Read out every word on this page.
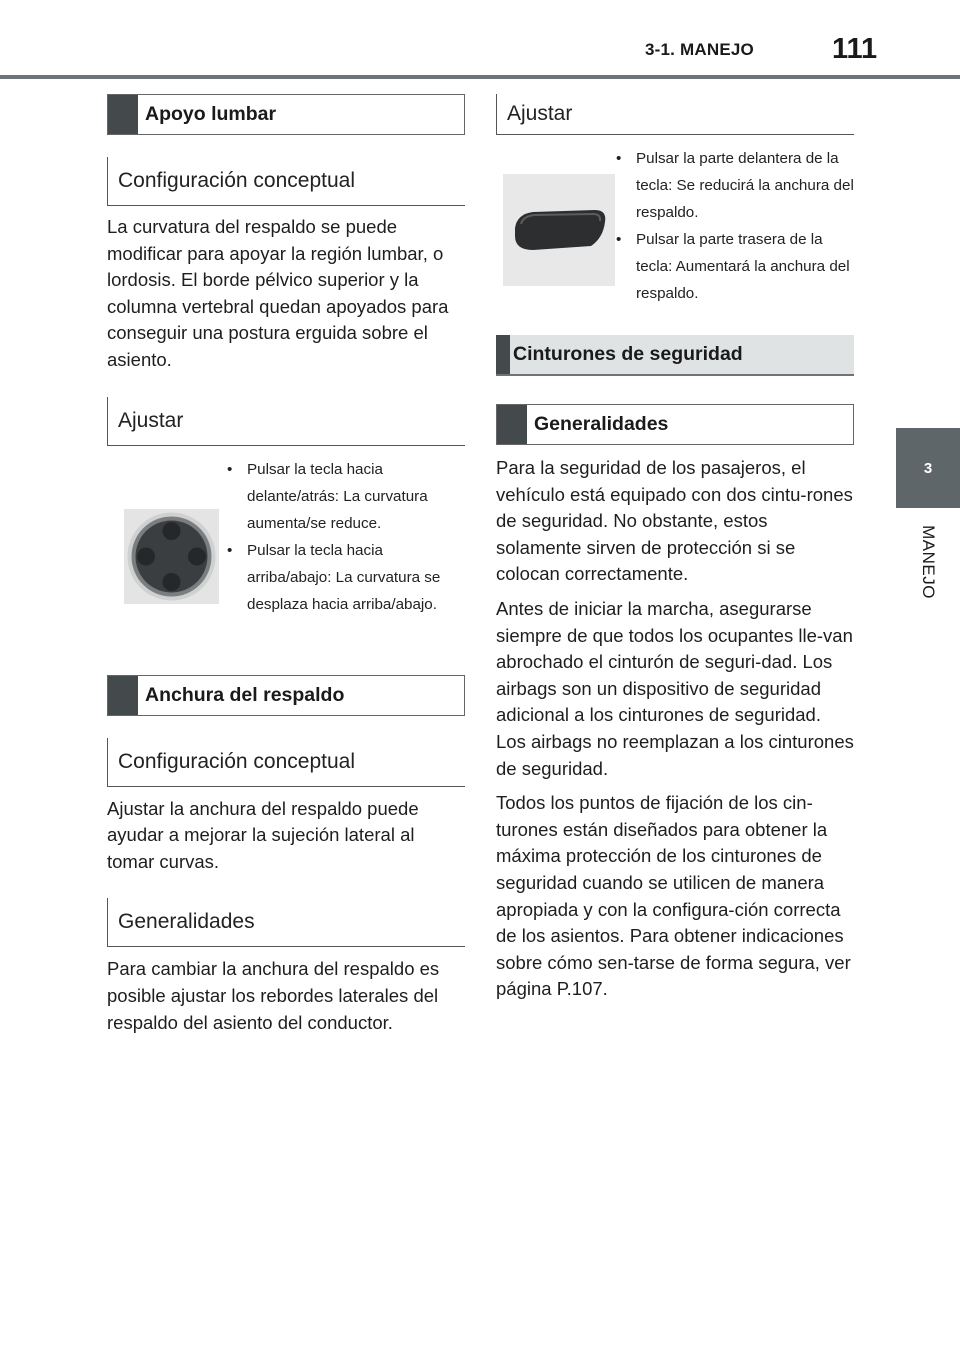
3-1. MANEJO	111
3
MANEJO
Apoyo lumbar
Configuración conceptual

La curvatura del respaldo se puede modificar para apoyar la región lumbar, o lordosis. El borde pélvico superior y la columna vertebral quedan apoyados para conseguir una postura erguida sobre el asiento.

Ajustar
• Pulsar la tecla hacia delante/atrás: La curvatura aumenta/se reduce.
• Pulsar la tecla hacia arriba/abajo: La curvatura se desplaza hacia arriba/abajo.
Anchura del respaldo
Configuración conceptual

Ajustar la anchura del respaldo puede ayudar a mejorar la sujeción lateral al tomar curvas.

Generalidades

Para cambiar la anchura del respaldo es posible ajustar los rebordes laterales del respaldo del asiento del conductor.

Ajustar
• Pulsar la parte delantera de la tecla: Se reducirá la anchura del respaldo.
• Pulsar la parte trasera de la tecla: Aumentará la anchura del respaldo.
Cinturones de seguridad
Generalidades

Para la seguridad de los pasajeros, el vehículo está equipado con dos cintu-rones de seguridad. No obstante, estos solamente sirven de protección si se colocan correctamente.

Antes de iniciar la marcha, asegurarse siempre de que todos los ocupantes lle-van abrochado el cinturón de seguri-dad. Los airbags son un dispositivo de seguridad adicional a los cinturones de seguridad. Los airbags no reemplazan a los cinturones de seguridad.

Todos los puntos de fijación de los cin-turones están diseñados para obtener la máxima protección de los cinturones de seguridad cuando se utilicen de manera apropiada y con la configura-ción correcta de los asientos. Para obtener indicaciones sobre cómo sen-tarse de forma segura, ver página P.107.
